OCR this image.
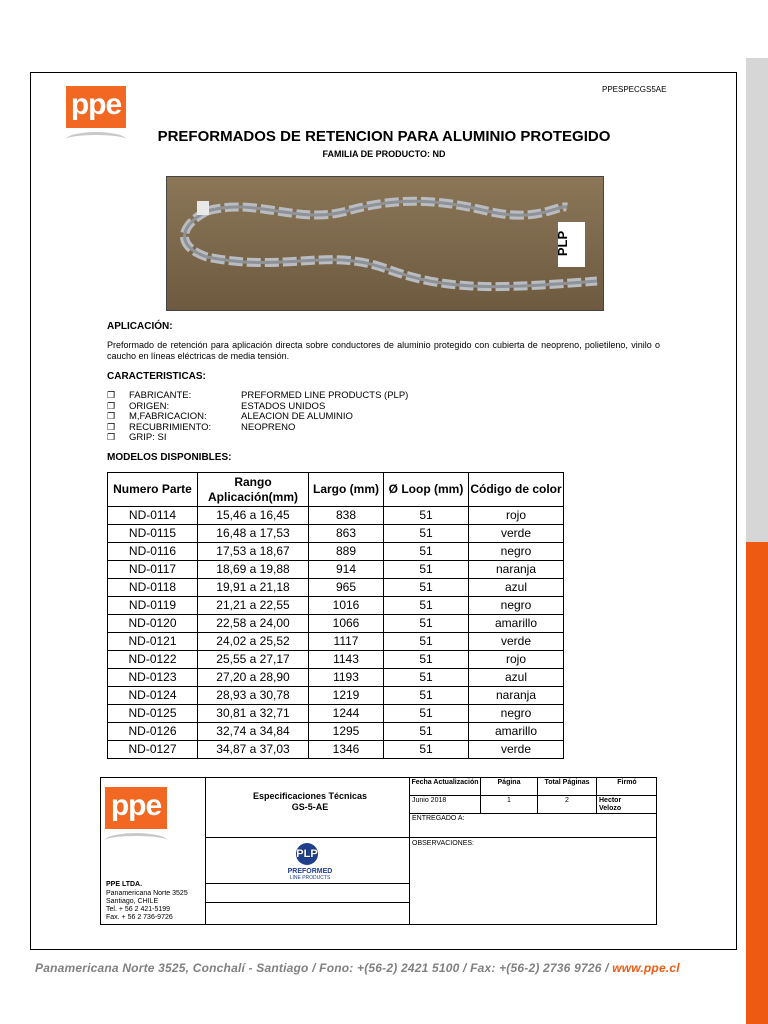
ppe	PPESPECGS5AE
PREFORMADOS DE RETENCION PARA ALUMINIO PROTEGIDO
FAMILIA DE PRODUCTO: ND
PLP
APLICACIÓN:
Preformado de retención para aplicación directa sobre conductores de aluminio protegido con cubierta de neopreno, polietileno, vinilo o caucho en líneas eléctricas de media tensión.
CARACTERISTICAS:
❒
FABRICANTE:	PREFORMED LINE PRODUCTS (PLP)
❒
ORIGEN:	ESTADOS UNIDOS
❒
M,FABRICACION:	ALEACION DE ALUMINIO
❒
RECUBRIMIENTO:	NEOPRENO
❒
GRIP: SI
MODELOS DISPONIBLES:
Numero Parte	Rango Aplicación(mm)	Largo (mm)	Ø Loop (mm)	Código de color
ND-0114	15,46 a 16,45	838	51	rojo
ND-0115	16,48 a 17,53	863	51	verde
ND-0116	17,53 a 18,67	889	51	negro
ND-0117	18,69 a 19,88	914	51	naranja
ND-0118	19,91 a 21,18	965	51	azul
ND-0119	21,21 a 22,55	1016	51	negro
ND-0120	22,58 a 24,00	1066	51	amarillo
ND-0121	24,02 a 25,52	1117	51	verde
ND-0122	25,55 a 27,17	1143	51	rojo
ND-0123	27,20 a 28,90	1193	51	azul
ND-0124	28,93 a 30,78	1219	51	naranja
ND-0125	30,81 a 32,71	1244	51	negro
ND-0126	32,74 a 34,84	1295	51	amarillo
ND-0127	34,87 a 37,03	1346	51	verde
ppe	Especificaciones Técnicas
GS-5-AE
Fecha Actualización	Página	Total Páginas	Firmó
Junio 2018	1	2	Hector Velozo
ENTREGADO A:
OBSERVACIONES:
PLP
PREFORMED
LINE PRODUCTS
PPE LTDA.
Panamericana Norte 3525
Santiago, CHILE
Tel. + 56 2 421-5199
Fax. + 56 2 736-9726
Panamericana Norte 3525, Conchalí - Santiago / Fono: +(56-2) 2421 5100 / Fax: +(56-2) 2736 9726 / www.ppe.cl
